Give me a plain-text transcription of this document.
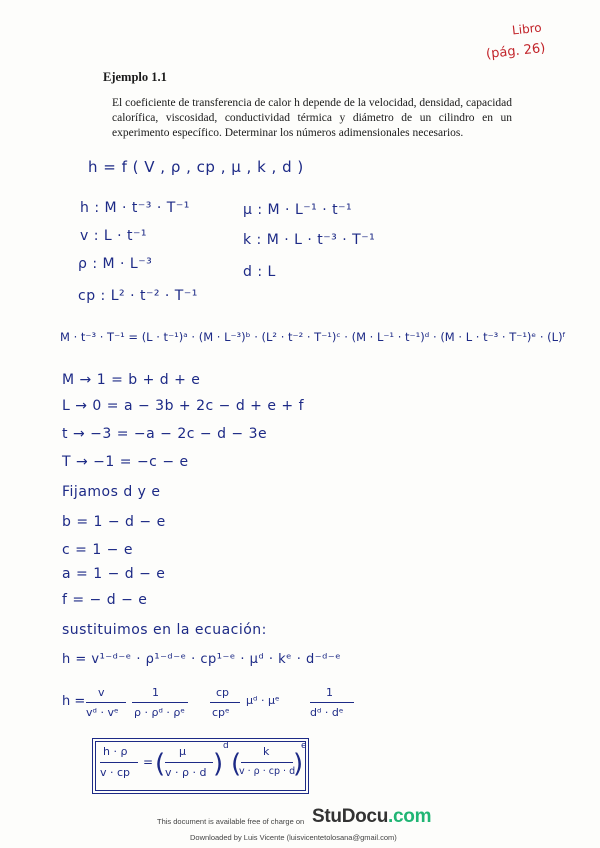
Libro
(pág. 26)
Ejemplo 1.1
El coeficiente de transferencia de calor h depende de la velocidad, densidad, capacidad calorífica, viscosidad, conductividad térmica y diámetro de un cilindro en un experimento específico. Determinar los números adimensionales necesarios.
h = f ( V , ρ , cp , μ , k , d )
h : M · t⁻³ · T⁻¹
v : L · t⁻¹
ρ : M · L⁻³
cp : L² · t⁻² · T⁻¹
μ : M · L⁻¹ · t⁻¹
k : M · L · t⁻³ · T⁻¹
d : L
M · t⁻³ · T⁻¹ = (L · t⁻¹)ᵃ · (M · L⁻³)ᵇ · (L² · t⁻² · T⁻¹)ᶜ · (M · L⁻¹ · t⁻¹)ᵈ · (M · L · t⁻³ · T⁻¹)ᵉ · (L)ᶠ
M → 1 = b + d + e
L → 0 = a − 3b + 2c − d + e + f
t → −3 = −a − 2c − d − 3e
T → −1 = −c − e
Fijamos d y e
b = 1 − d − e
c = 1 − e
a = 1 − d − e
f = − d − e
sustituimos en la ecuación:
h = v¹⁻ᵈ⁻ᵉ · ρ¹⁻ᵈ⁻ᵉ · cp¹⁻ᵉ · μᵈ · kᵉ · d⁻ᵈ⁻ᵉ
h =
v
vᵈ · vᵉ
1
ρ · ρᵈ · ρᵉ
cp
cpᵉ
μᵈ · μᵉ
1
dᵈ · dᵉ
h · ρ
v · cp
= ( μ
v · ρ · d )
d
( k
v · ρ · cp · d
)
e
This document is available free of charge on StuDocu.com
Downloaded by Luis Vicente (luisvicentetolosana@gmail.com)
